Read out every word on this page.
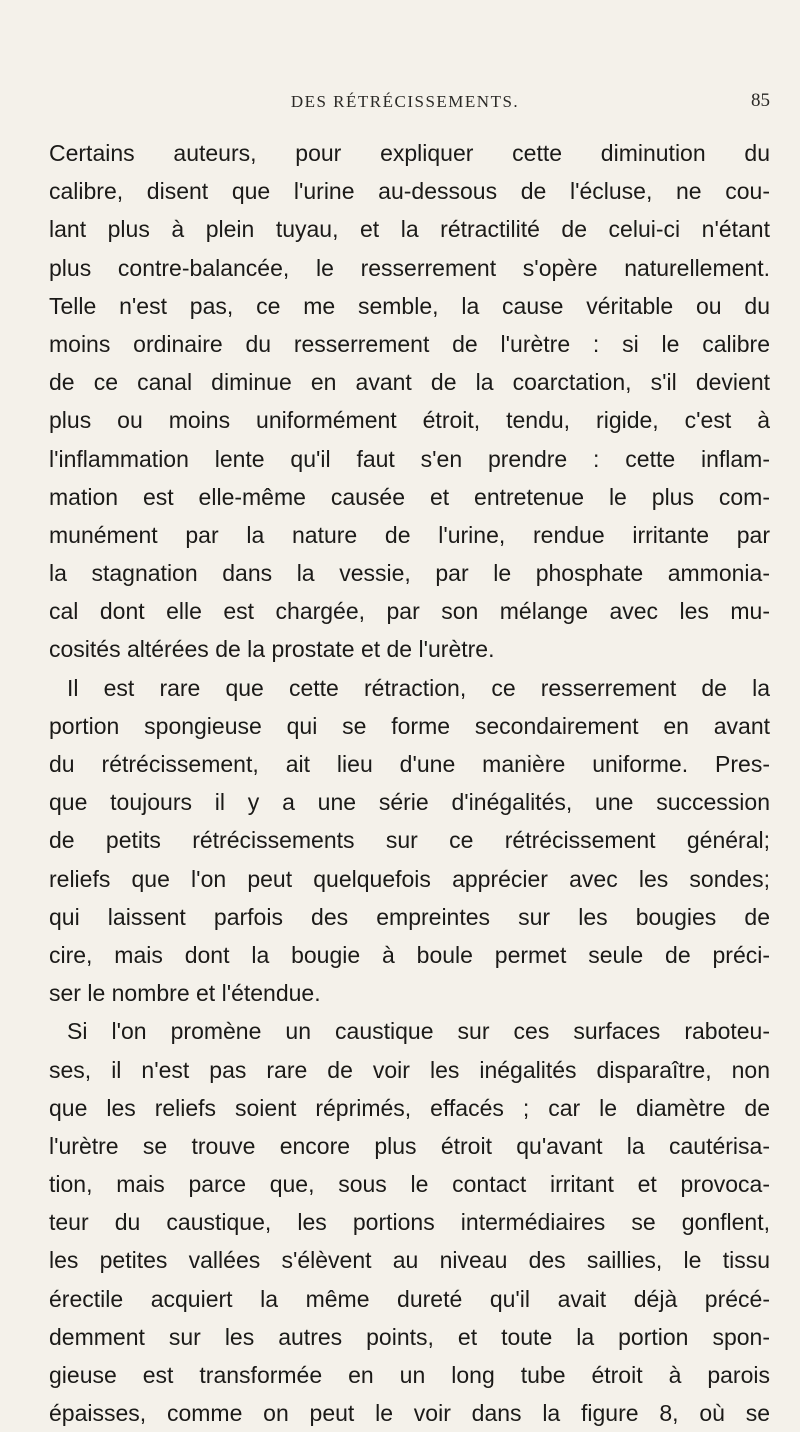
DES RÉTRÉCISSEMENTS.	85
Certains auteurs, pour expliquer cette diminution du
calibre, disent que l'urine au-dessous de l'écluse, ne cou-
lant plus à plein tuyau, et la rétractilité de celui-ci n'étant
plus contre-balancée, le resserrement s'opère naturellement.
Telle n'est pas, ce me semble, la cause véritable ou du
moins ordinaire du resserrement de l'urètre : si le calibre
de ce canal diminue en avant de la coarctation, s'il devient
plus ou moins uniformément étroit, tendu, rigide, c'est à
l'inflammation lente qu'il faut s'en prendre : cette inflam-
mation est elle-même causée et entretenue le plus com-
munément par la nature de l'urine, rendue irritante par
la stagnation dans la vessie, par le phosphate ammonia-
cal dont elle est chargée, par son mélange avec les mu-
cosités altérées de la prostate et de l'urètre.
Il est rare que cette rétraction, ce resserrement de la
portion spongieuse qui se forme secondairement en avant
du rétrécissement, ait lieu d'une manière uniforme. Pres-
que toujours il y a une série d'inégalités, une succession
de petits rétrécissements sur ce rétrécissement général;
reliefs que l'on peut quelquefois apprécier avec les sondes;
qui laissent parfois des empreintes sur les bougies de
cire, mais dont la bougie à boule permet seule de préci-
ser le nombre et l'étendue.
Si l'on promène un caustique sur ces surfaces raboteu-
ses, il n'est pas rare de voir les inégalités disparaître, non
que les reliefs soient réprimés, effacés ; car le diamètre de
l'urètre se trouve encore plus étroit qu'avant la cautérisa-
tion, mais parce que, sous le contact irritant et provoca-
teur du caustique, les portions intermédiaires se gonflent,
les petites vallées s'élèvent au niveau des saillies, le tissu
érectile acquiert la même dureté qu'il avait déjà précé-
demment sur les autres points, et toute la portion spon-
gieuse est transformée en un long tube étroit à parois
épaisses, comme on peut le voir dans la figure 8, où se
